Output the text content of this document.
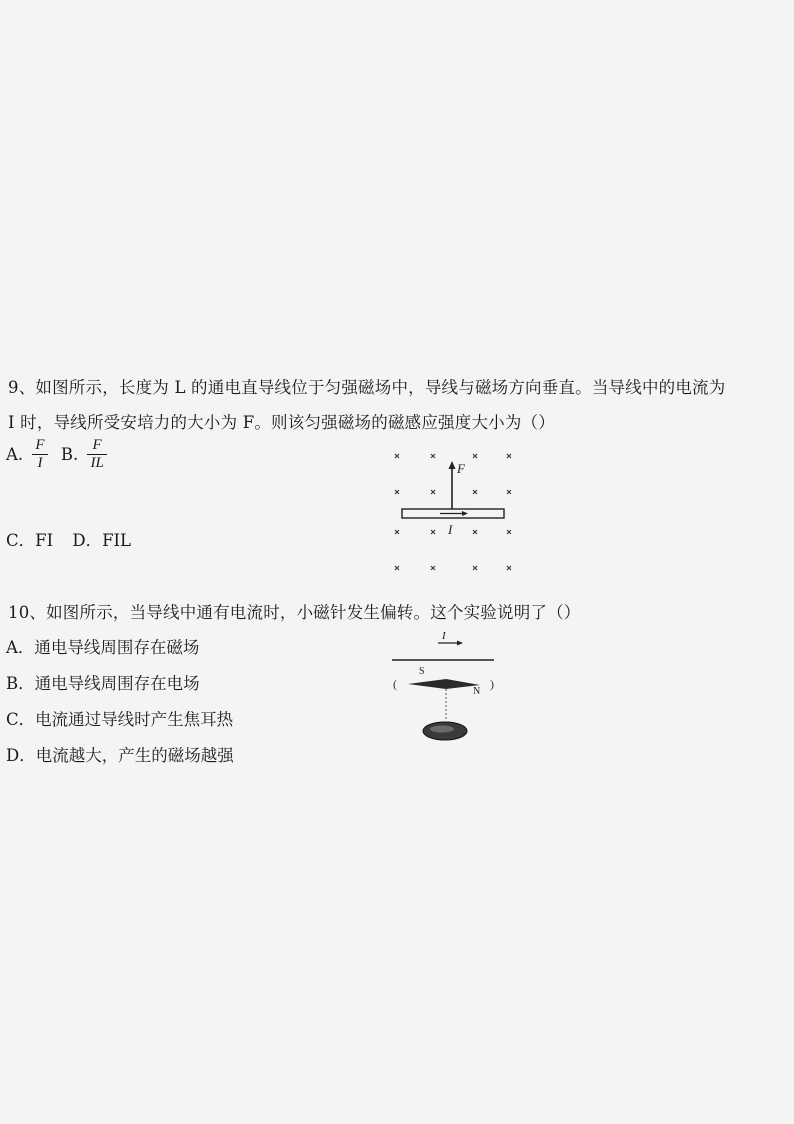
9、如图所示，长度为 L 的通电直导线位于匀强磁场中，导线与磁场方向垂直。当导线中的电流为
I 时，导线所受安培力的大小为 F。则该匀强磁场的磁感应强度大小为（）
A. $\frac{F}{I} B$. $\frac{F}{IL}$
C．FI D．FIL
F
I
10、如图所示，当导线中通有电流时，小磁针发生偏转。这个实验说明了（）
A．通电导线周围存在磁场
B．通电导线周围存在电场
C．电流通过导线时产生焦耳热
D．电流越大，产生的磁场越强
I
S
N
(	)
